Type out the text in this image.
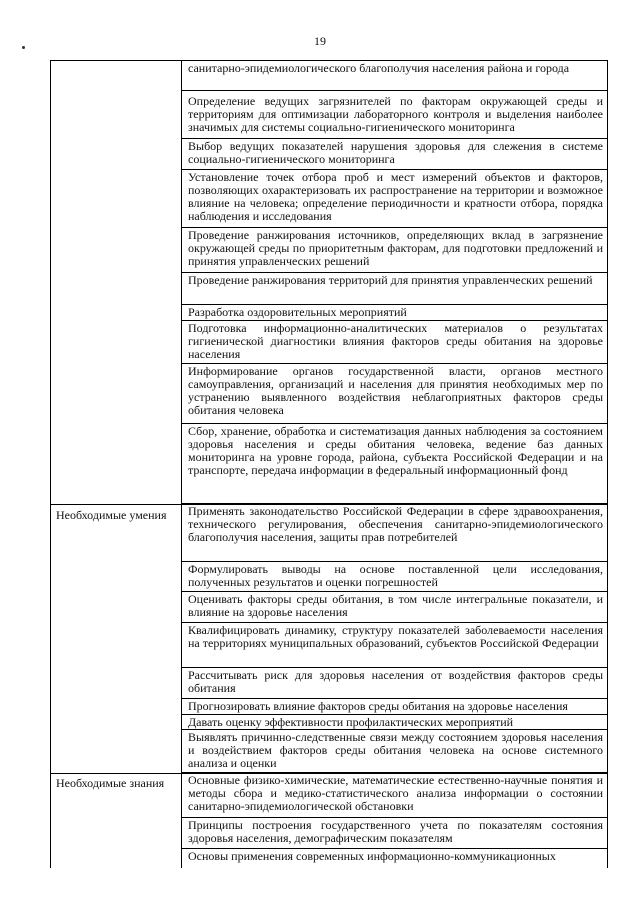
19
Необходимые умения
Необходимые знания
санитарно-эпидемиологического благополучия населения района и города
Определение ведущих загрязнителей по факторам окружающей среды и территориям для оптимизации лабораторного контроля и выделения наиболее значимых для системы социально-гигиенического мониторинга
Выбор ведущих показателей нарушения здоровья для слежения в системе социально-гигиенического мониторинга
Установление точек отбора проб и мест измерений объектов и факторов, позволяющих охарактеризовать их распространение на территории и возможное влияние на человека; определение периодичности и кратности отбора, порядка наблюдения и исследования
Проведение ранжирования источников, определяющих вклад в загрязнение окружающей среды по приоритетным факторам, для подготовки предложений и принятия управленческих решений
Проведение ранжирования территорий для принятия управленческих решений
Разработка оздоровительных мероприятий
Подготовка информационно-аналитических материалов о результатах гигиенической диагностики влияния факторов среды обитания на здоровье населения
Информирование органов государственной власти, органов местного самоуправления, организаций и населения для принятия необходимых мер по устранению выявленного воздействия неблагоприятных факторов среды обитания человека
Сбор, хранение, обработка и систематизация данных наблюдения за состоянием здоровья населения и среды обитания человека, ведение баз данных мониторинга на уровне города, района, субъекта Российской Федерации и на транспорте, передача информации в федеральный информационный фонд
Применять законодательство Российской Федерации в сфере здравоохранения, технического регулирования, обеспечения санитарно-эпидемиологического благополучия населения, защиты прав потребителей
Формулировать выводы на основе поставленной цели исследования, полученных результатов и оценки погрешностей
Оценивать факторы среды обитания, в том числе интегральные показатели, и влияние на здоровье населения
Квалифицировать динамику, структуру показателей заболеваемости населения на территориях муниципальных образований, субъектов Российской Федерации
Рассчитывать риск для здоровья населения от воздействия факторов среды обитания
Прогнозировать влияние факторов среды обитания на здоровье населения
Давать оценку эффективности профилактических мероприятий
Выявлять причинно-следственные связи между состоянием здоровья населения и воздействием факторов среды обитания человека на основе системного анализа и оценки
Основные физико-химические, математические естественно-научные понятия и методы сбора и медико-статистического анализа информации о состоянии санитарно-эпидемиологической обстановки
Принципы построения государственного учета по показателям состояния здоровья населения, демографическим показателям
Основы применения современных информационно-коммуникационных
